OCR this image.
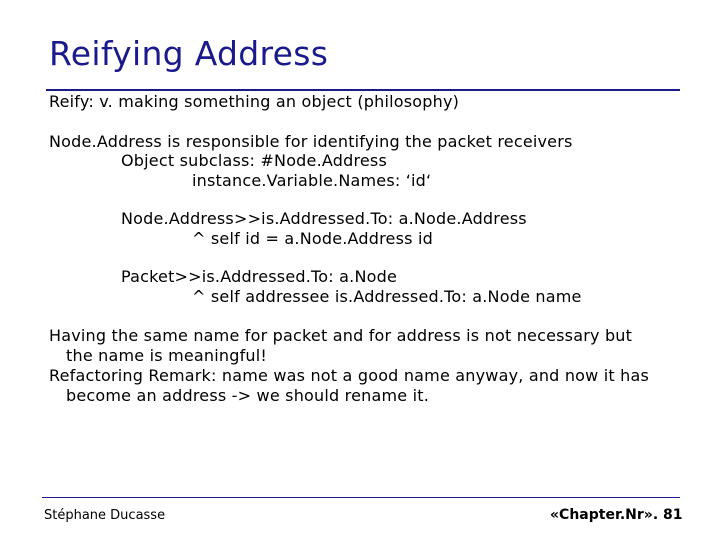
Reifying Address
Reify: v. making something an object (philosophy)
Node.Address is responsible for identifying the packet receivers
Object subclass: #Node.Address
instance.Variable.Names: ‘id‘
Node.Address>>is.Addressed.To: a.Node.Address
^ self id = a.Node.Address id
Packet>>is.Addressed.To: a.Node
^ self addressee is.Addressed.To: a.Node name
Having the same name for packet and for address is not necessary but
the name is meaningful!
Refactoring Remark: name was not a good name anyway, and now it has
become an address -> we should rename it.
Stéphane Ducasse	«Chapter.Nr». 81
